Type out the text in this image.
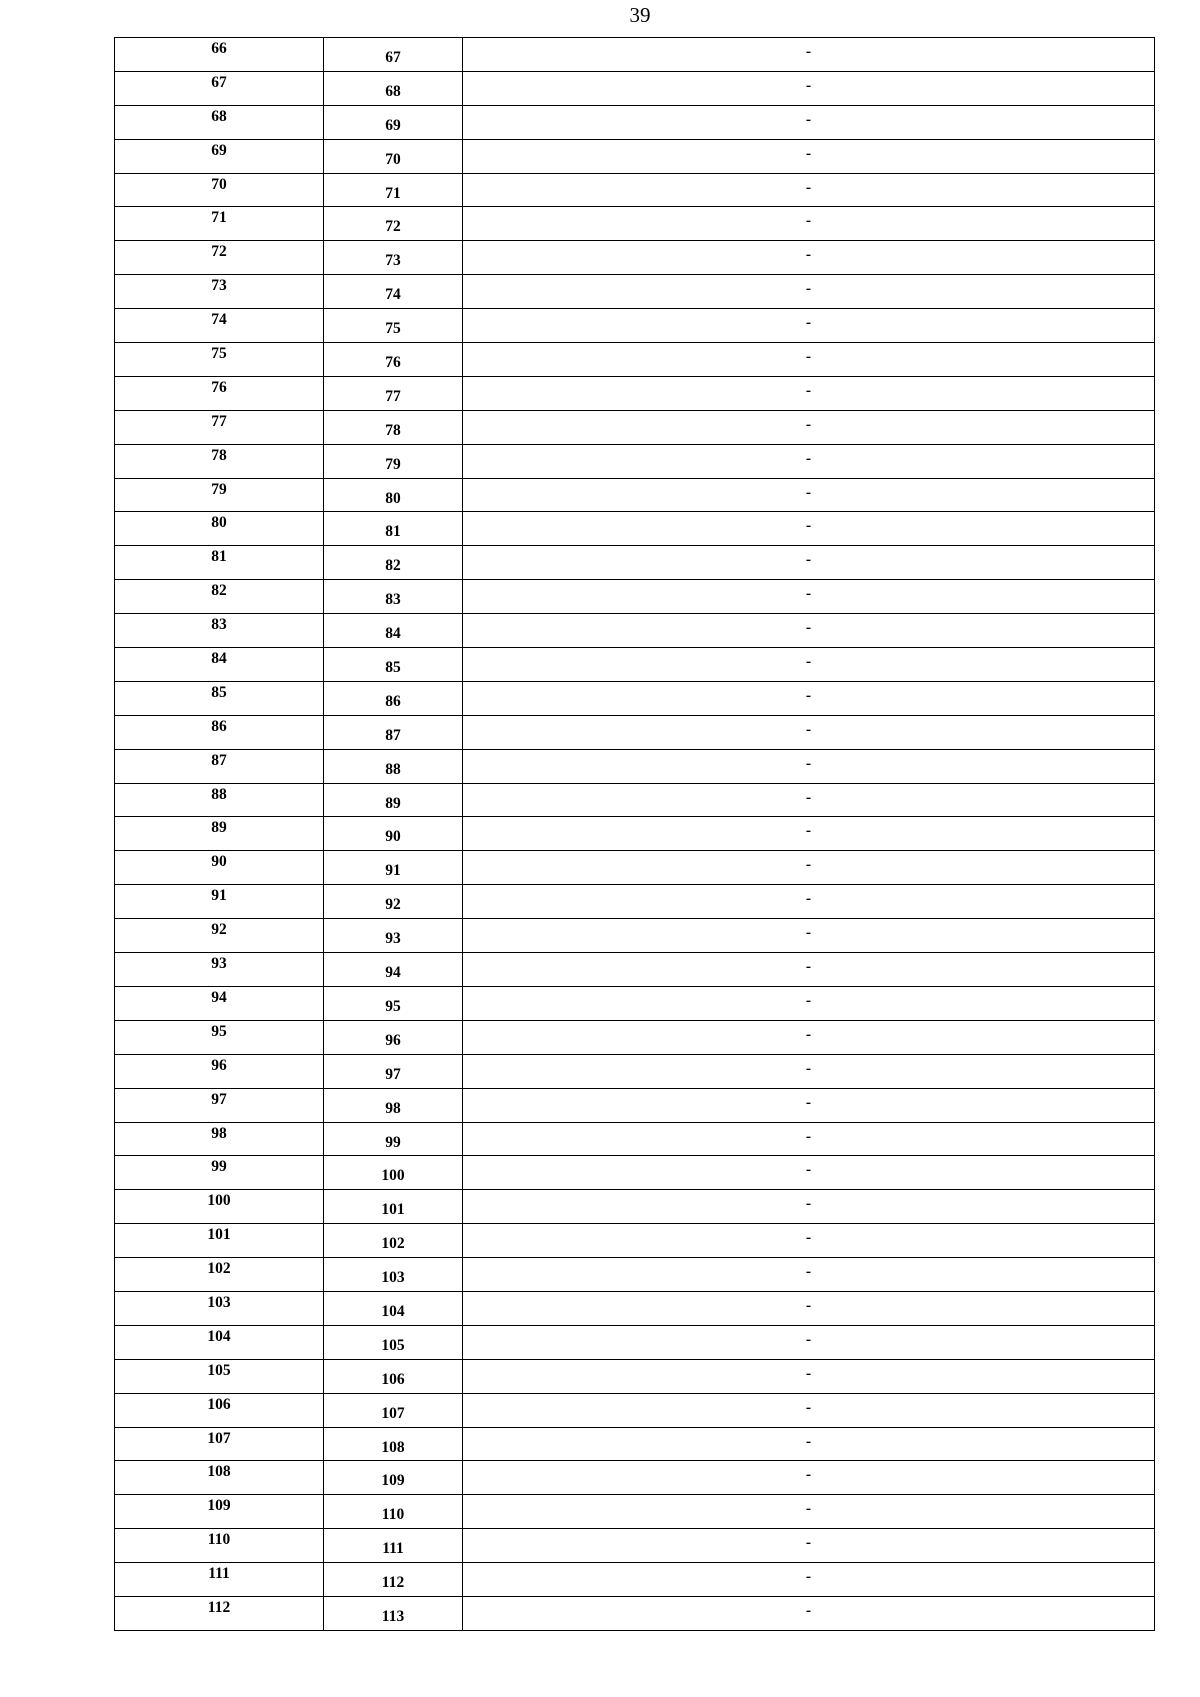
39
66	67	-

67	68	-

68	69	-

69	70	-

70	71	-

71	72	-

72	73	-

73	74	-

74	75	-

75	76	-

76	77	-

77	78	-

78	79	-

79	80	-

80	81	-

81	82	-

82	83	-

83	84	-

84	85	-

85	86	-

86	87	-

87	88	-

88	89	-

89	90	-

90	91	-

91	92	-

92	93	-

93	94	-

94	95	-

95	96	-

96	97	-

97	98	-

98	99	-

99	100	-

100	101	-

101	102	-

102	103	-

103	104	-

104	105	-

105	106	-

106	107	-

107	108	-

108	109	-

109	110	-

110	111	-

111	112	-

112	113	-
